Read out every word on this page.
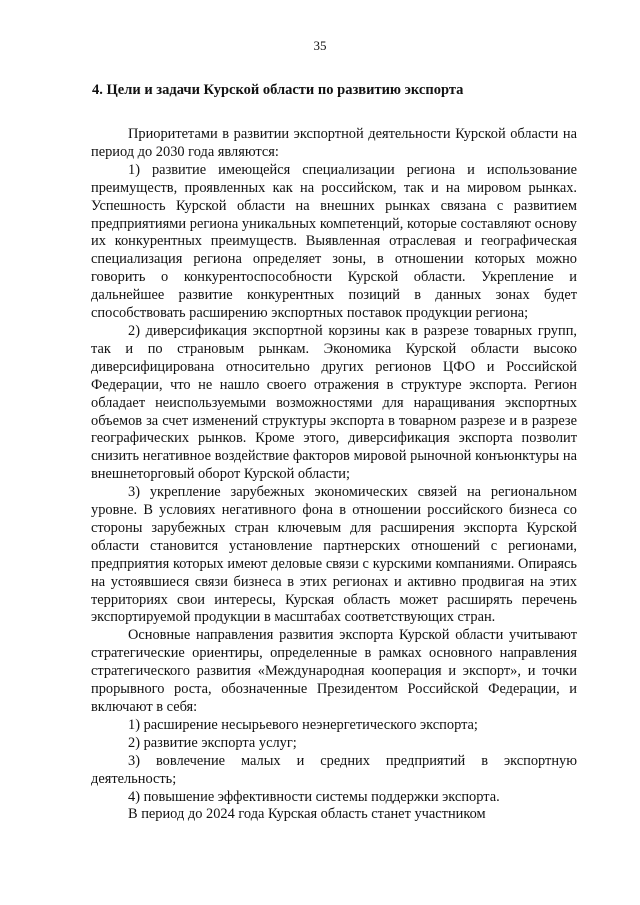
35
4. Цели и задачи Курской области по развитию экспорта

Приоритетами в развитии экспортной деятельности Курской области на период до 2030 года являются:

1) развитие имеющейся специализации региона и использование преимуществ, проявленных как на российском, так и на мировом рынках. Успешность Курской области на внешних рынках связана с развитием предприятиями региона уникальных компетенций, которые составляют основу их конкурентных преимуществ. Выявленная отраслевая и географическая специализация региона определяет зоны, в отношении которых можно говорить о конкурентоспособности Курской области. Укрепление и дальнейшее развитие конкурентных позиций в данных зонах будет способствовать расширению экспортных поставок продукции региона;

2) диверсификация экспортной корзины как в разрезе товарных групп, так и по страновым рынкам. Экономика Курской области высоко диверсифицирована относительно других регионов ЦФО и Российской Федерации, что не нашло своего отражения в структуре экспорта. Регион обладает неиспользуемыми возможностями для наращивания экспортных объемов за счет изменений структуры экспорта в товарном разрезе и в разрезе географических рынков. Кроме этого, диверсификация экспорта позволит снизить негативное воздействие факторов мировой рыночной конъюнктуры на внешнеторговый оборот Курской области;

3) укрепление зарубежных экономических связей на региональном уровне. В условиях негативного фона в отношении российского бизнеса со стороны зарубежных стран ключевым для расширения экспорта Курской области становится установление партнерских отношений с регионами, предприятия которых имеют деловые связи с курскими компаниями. Опираясь на устоявшиеся связи бизнеса в этих регионах и активно продвигая на этих территориях свои интересы, Курская область может расширять перечень экспортируемой продукции в масштабах соответствующих стран.

Основные направления развития экспорта Курской области учитывают стратегические ориентиры, определенные в рамках основного направления стратегического развития «Международная кооперация и экспорт», и точки прорывного роста, обозначенные Президентом Российской Федерации, и включают в себя:

1) расширение несырьевого неэнергетического экспорта;

2) развитие экспорта услуг;

3) вовлечение малых и средних предприятий в экспортную деятельность;

4) повышение эффективности системы поддержки экспорта.

В период до 2024 года Курская область станет участником
